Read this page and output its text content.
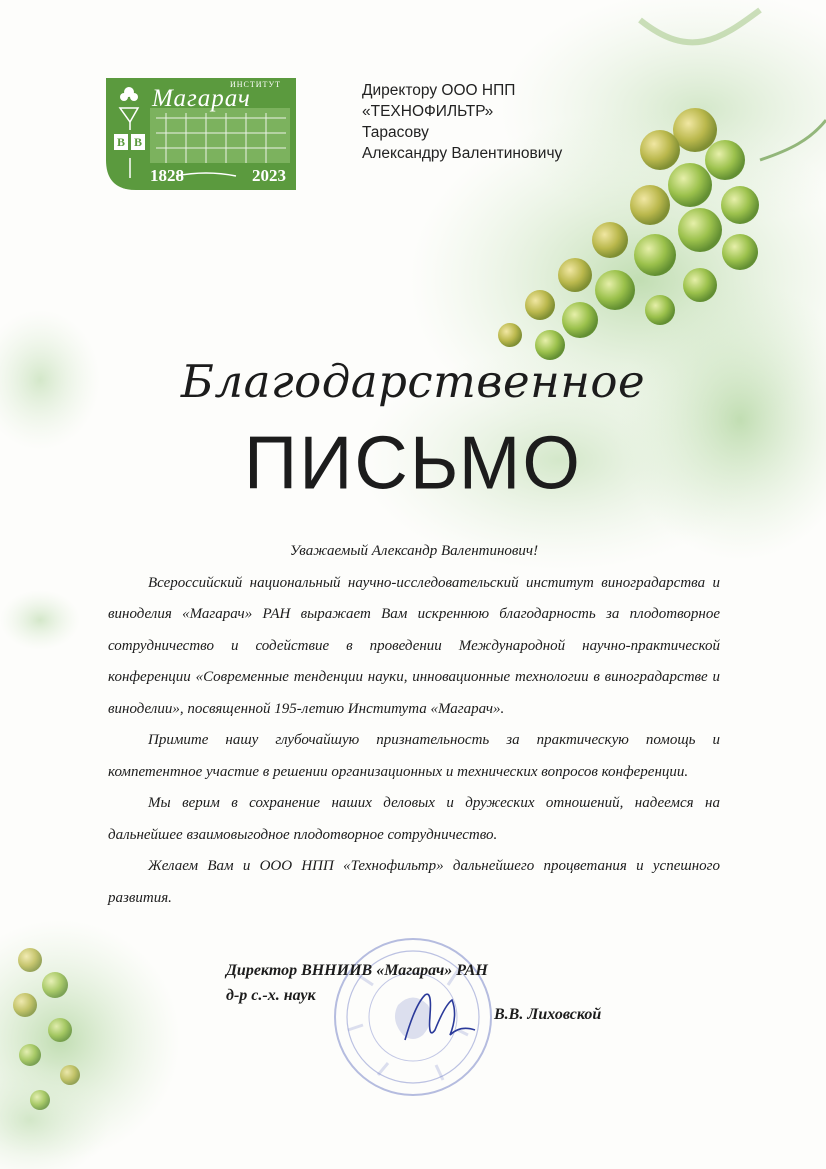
ИНСТИТУТ
Магарач
В В
1828	2023
Директору ООО НПП
«ТЕХНОФИЛЬТР»
Тарасову
Александру Валентиновичу
Благодарственное
ПИСЬМО
Уважаемый Александр Валентинович!

Всероссийский национальный научно-исследовательский институт виноградарства и виноделия «Магарач» РАН выражает Вам искреннюю благодарность за плодотворное сотрудничество и содействие в проведении Международной научно-практической конференции «Современные тенденции науки, инновационные технологии в виноградарстве и виноделии», посвященной 195-летию Института «Магарач».

Примите нашу глубочайшую признательность за практическую помощь и компетентное участие в решении организационных и технических вопросов конференции.

Мы верим в сохранение наших деловых и дружеских отношений, надеемся на дальнейшее взаимовыгодное плодотворное сотрудничество.

Желаем Вам и ООО НПП «Технофильтр» дальнейшего процветания и успешного развития.

Директор ВННИИВ «Магарач» РАН
д-р с.-х. наук
В.В. Лиховской
